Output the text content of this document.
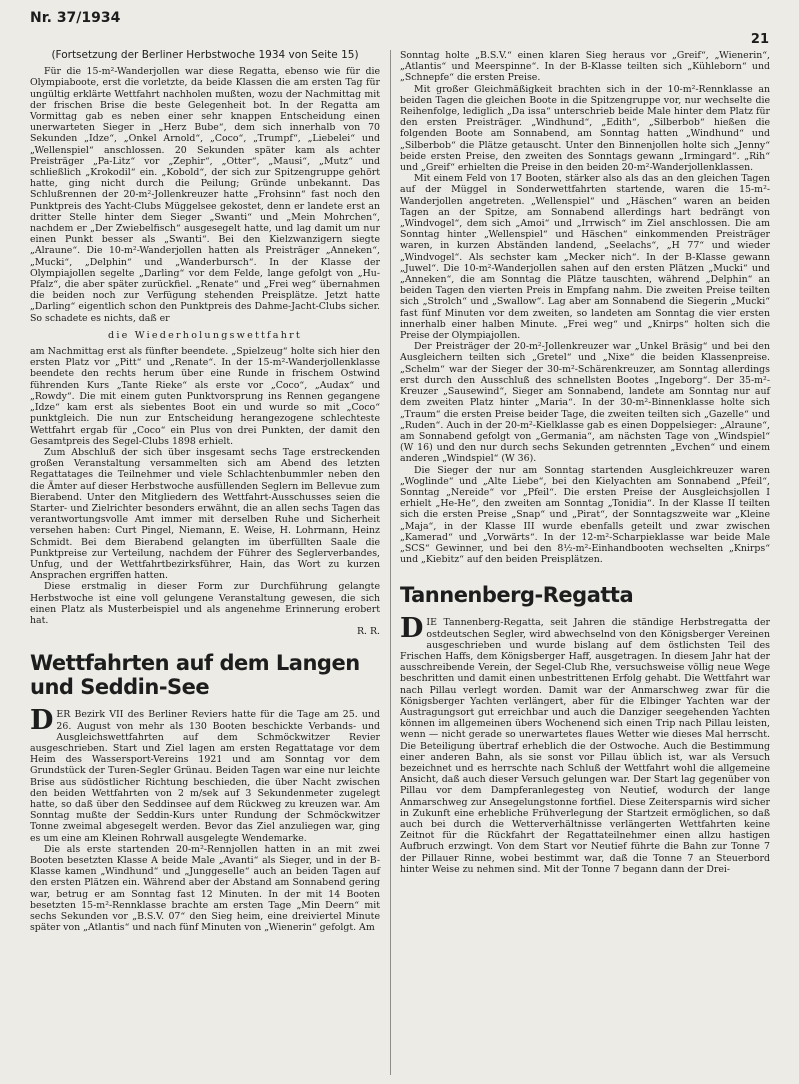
Nr. 37/1934
21
(Fortsetzung der Berliner Herbstwoche 1934 von Seite 15)

Für die 15-m²-Wanderjollen war diese Regatta, ebenso wie für die Olympiaboote, erst die vorletzte, da beide Klassen die am ersten Tag für ungültig erklärte Wettfahrt nachholen mußten, wozu der Nachmittag mit der frischen Brise die beste Gelegenheit bot. In der Regatta am Vormittag gab es neben einer sehr knappen Entscheidung einen unerwarteten Sieger in „Herz Bube“, dem sich innerhalb von 70 Sekunden „Idze“, „Onkel Arnold“, „Coco“, „Trumpf“, „Liebelei“ und „Wellenspiel“ anschlossen. 20 Sekunden später kam als achter Preisträger „Pa-Litz“ vor „Zephir“, „Otter“, „Mausi“, „Mutz“ und schließlich „Krokodil“ ein. „Kobold“, der sich zur Spitzengruppe gehört hatte, ging nicht durch die Peilung; Gründe unbekannt. Das Schlußrennen der 20-m²-Jollenkreuzer hatte „Frohsinn“ fast noch den Punktpreis des Yacht-Clubs Müggelsee gekostet, denn er landete erst an dritter Stelle hinter dem Sieger „Swanti“ und „Mein Mohrchen“, nachdem er „Der Zwiebelfisch“ ausgesegelt hatte, und lag damit um nur einen Punkt besser als „Swanti“. Bei den Kielzwanzigern siegte „Alraune“. Die 10-m²-Wanderjollen hatten als Preisträger „Anneken“, „Mucki“, „Delphin“ und „Wanderbursch“. In der Klasse der Olympiajollen segelte „Darling“ vor dem Felde, lange gefolgt von „Hu-Pfalz“, die aber später zurückfiel. „Renate“ und „Frei weg“ übernahmen die beiden noch zur Verfügung stehenden Preisplätze. Jetzt hatte „Darling“ eigentlich schon den Punktpreis des Dahme-Jacht-Clubs sicher. So schadete es nichts, daß er

die Wiederholungswettfahrt

am Nachmittag erst als fünfter beendete. „Spielzeug“ holte sich hier den ersten Platz vor „Pitt“ und „Renate“. In der 15-m²-Wanderjollenklasse beendete den rechts herum über eine Runde in frischem Ostwind führenden Kurs „Tante Rieke“ als erste vor „Coco“, „Audax“ und „Rowdy“. Die mit einem guten Punktvorsprung ins Rennen gegangene „Idze“ kam erst als siebentes Boot ein und wurde so mit „Coco“ punktgleich. Die nun zur Entscheidung herangezogene schlechteste Wettfahrt ergab für „Coco“ ein Plus von drei Punkten, der damit den Gesamtpreis des Segel-Clubs 1898 erhielt.

Zum Abschluß der sich über insgesamt sechs Tage erstreckenden großen Veranstaltung versammelten sich am Abend des letzten Regattatages die Teilnehmer und viele Schlachtenbummler neben den die Ämter auf dieser Herbstwoche ausfüllenden Seglern im Bellevue zum Bierabend. Unter den Mitgliedern des Wettfahrt-Ausschusses seien die Starter- und Zielrichter besonders erwähnt, die an allen sechs Tagen das verantwortungsvolle Amt immer mit derselben Ruhe und Sicherheit versehen haben: Curt Pingel, Niemann, E. Weise, H. Lohrmann, Heinz Schmidt. Bei dem Bierabend gelangten im überfüllten Saale die Punktpreise zur Verteilung, nachdem der Führer des Seglerverbandes, Unfug, und der Wettfahrtbezirksführer, Hain, das Wort zu kurzen Ansprachen ergriffen hatten.

Diese erstmalig in dieser Form zur Durchführung gelangte Herbstwoche ist eine voll gelungene Veranstaltung gewesen, die sich einen Platz als Musterbeispiel und als angenehme Erinnerung erobert hat.

R. R.

Wettfahrten auf dem Langen und Seddin-See

DER Bezirk VII des Berliner Reviers hatte für die Tage am 25. und 26. August von mehr als 130 Booten beschickte Verbands- und Ausgleichswettfahrten auf dem Schmöckwitzer Revier ausgeschrieben. Start und Ziel lagen am ersten Regattatage vor dem Heim des Wassersport-Vereins 1921 und am Sonntag vor dem Grundstück der Turen-Segler Grünau. Beiden Tagen war eine nur leichte Brise aus südöstlicher Richtung beschieden, die über Nacht zwischen den beiden Wettfahrten von 2 m/sek auf 3 Sekundenmeter zugelegt hatte, so daß über den Seddinsee auf dem Rückweg zu kreuzen war. Am Sonntag mußte der Seddin-Kurs unter Rundung der Schmöckwitzer Tonne zweimal abgesegelt werden. Bevor das Ziel anzuliegen war, ging es um eine am Kleinen Rohrwall ausgelegte Wendemarke.

Die als erste startenden 20-m²-Rennjollen hatten in an mit zwei Booten besetzten Klasse A beide Male „Avanti“ als Sieger, und in der B-Klasse kamen „Windhund“ und „Junggeselle“ auch an beiden Tagen auf den ersten Plätzen ein. Während aber der Abstand am Sonnabend gering war, betrug er am Sonntag fast 12 Minuten. In der mit 14 Booten besetzten 15-m²-Rennklasse brachte am ersten Tage „Min Deern“ mit sechs Sekunden vor „B.S.V. 07“ den Sieg heim, eine dreiviertel Minute später von „Atlantis“ und nach fünf Minuten von „Wienerin“ gefolgt. Am

Sonntag holte „B.S.V.“ einen klaren Sieg heraus vor „Greif“, „Wienerin“, „Atlantis“ und Meerspinne“. In der B-Klasse teilten sich „Kühleborn“ und „Schnepfe“ die ersten Preise.

Mit großer Gleichmäßigkeit brachten sich in der 10-m²-Rennklasse an beiden Tagen die gleichen Boote in die Spitzengruppe vor, nur wechselte die Reihenfolge, lediglich „Da issa“ unterschrieb beide Male hinter dem Platz für den ersten Preisträger. „Windhund“, „Edith“, „Silberbob“ hießen die folgenden Boote am Sonnabend, am Sonntag hatten „Windhund“ und „Silberbob“ die Plätze getauscht. Unter den Binnenjollen holte sich „Jenny“ beide ersten Preise, den zweiten des Sonntags gewann „Irmingard“. „Rih“ und „Greif“ erhielten die Preise in den beiden 20-m²-Wanderjollenklassen.

Mit einem Feld von 17 Booten, stärker also als das an den gleichen Tagen auf der Müggel in Sonderwettfahrten startende, waren die 15-m²-Wanderjollen angetreten. „Wellenspiel“ und „Häschen“ waren an beiden Tagen an der Spitze, am Sonnabend allerdings hart bedrängt von „Windvogel“, dem sich „Amoi“ und „Irrwisch“ im Ziel anschlossen. Die am Sonntag hinter „Wellenspiel“ und Häschen“ einkommenden Preisträger waren, in kurzen Abständen landend, „Seelachs“, „H 77“ und wieder „Windvogel“. Als sechster kam „Mecker nich“. In der B-Klasse gewann „Juwel“. Die 10-m²-Wanderjollen sahen auf den ersten Plätzen „Mucki“ und „Anneken“, die am Sonntag die Plätze tauschten, während „Delphin“ an beiden Tagen den vierten Preis in Empfang nahm. Die zweiten Preise teilten sich „Strolch“ und „Swallow“. Lag aber am Sonnabend die Siegerin „Mucki“ fast fünf Minuten vor dem zweiten, so landeten am Sonntag die vier ersten innerhalb einer halben Minute. „Frei weg“ und „Knirps“ holten sich die Preise der Olympiajollen.

Der Preisträger der 20-m²-Jollenkreuzer war „Unkel Bräsig“ und bei den Ausgleichern teilten sich „Gretel“ und „Nixe“ die beiden Klassenpreise. „Schelm“ war der Sieger der 30-m²-Schärenkreuzer, am Sonntag allerdings erst durch den Ausschluß des schnellsten Bootes „Ingeborg“. Der 35-m²-Kreuzer „Sausewind“, Sieger am Sonnabend, landete am Sonntag nur auf dem zweiten Platz hinter „Maria“. In der 30-m²-Binnenklasse holte sich „Traum“ die ersten Preise beider Tage, die zweiten teilten sich „Gazelle“ und „Ruden“. Auch in der 20-m²-Kielklasse gab es einen Doppelsieger: „Alraune“, am Sonnabend gefolgt von „Germania“, am nächsten Tage von „Windspiel“ (W 16) und den nur durch sechs Sekunden getrennten „Evchen“ und einem anderen „Windspiel“ (W 36).

Die Sieger der nur am Sonntag startenden Ausgleichkreuzer waren „Woglinde“ und „Alte Liebe“, bei den Kielyachten am Sonnabend „Pfeil“, Sonntag „Nereide“ vor „Pfeil“. Die ersten Preise der Ausgleichsjollen I erhielt „He-He“, den zweiten am Sonntag „Tonidia“. In der Klasse II teilten sich die ersten Preise „Snap“ und „Pirat“, der Sonntagszweite war „Kleine „Maja“, in der Klasse III wurde ebenfalls geteilt und zwar zwischen „Kamerad“ und „Vorwärts“. In der 12-m²-Scharpieklasse war beide Male „SCS“ Gewinner, und bei den 8½-m²-Einhandbooten wechselten „Knirps“ und „Kiebitz“ auf den beiden Preisplätzen.

Tannenberg-Regatta

DIE Tannenberg-Regatta, seit Jahren die ständige Herbstregatta der ostdeutschen Segler, wird abwechselnd von den Königsberger Vereinen ausgeschrieben und wurde bislang auf dem östlichsten Teil des Frischen Haffs, dem Königsberger Haff, ausgetragen. In diesem Jahr hat der ausschreibende Verein, der Segel-Club Rhe, versuchsweise völlig neue Wege beschritten und damit einen unbestrittenen Erfolg gehabt. Die Wettfahrt war nach Pillau verlegt worden. Damit war der Anmarschweg zwar für die Königsberger Yachten verlängert, aber für die Elbinger Yachten war der Austragungsort gut erreichbar und auch die Danziger seegehenden Yachten können im allgemeinen übers Wochenend sich einen Trip nach Pillau leisten, wenn — nicht gerade so unerwartetes flaues Wetter wie dieses Mal herrscht. Die Beteiligung übertraf erheblich die der Ostwoche. Auch die Bestimmung einer anderen Bahn, als sie sonst vor Pillau üblich ist, war als Versuch bezeichnet und es herrschte nach Schluß der Wettfahrt wohl die allgemeine Ansicht, daß auch dieser Versuch gelungen war. Der Start lag gegenüber von Pillau vor dem Dampferanlegesteg von Neutief, wodurch der lange Anmarschweg zur Ansegelungstonne fortfiel. Diese Zeitersparnis wird sicher in Zukunft eine erhebliche Frühverlegung der Startzeit ermöglichen, so daß auch bei durch die Wetterverhältnisse verlängerten Wettfahrten keine Zeitnot für die Rückfahrt der Regattateilnehmer einen allzu hastigen Aufbruch erzwingt. Von dem Start vor Neutief führte die Bahn zur Tonne 7 der Pillauer Rinne, wobei bestimmt war, daß die Tonne 7 an Steuerbord hinter Weise zu nehmen sind. Mit der Tonne 7 begann dann der Drei-
